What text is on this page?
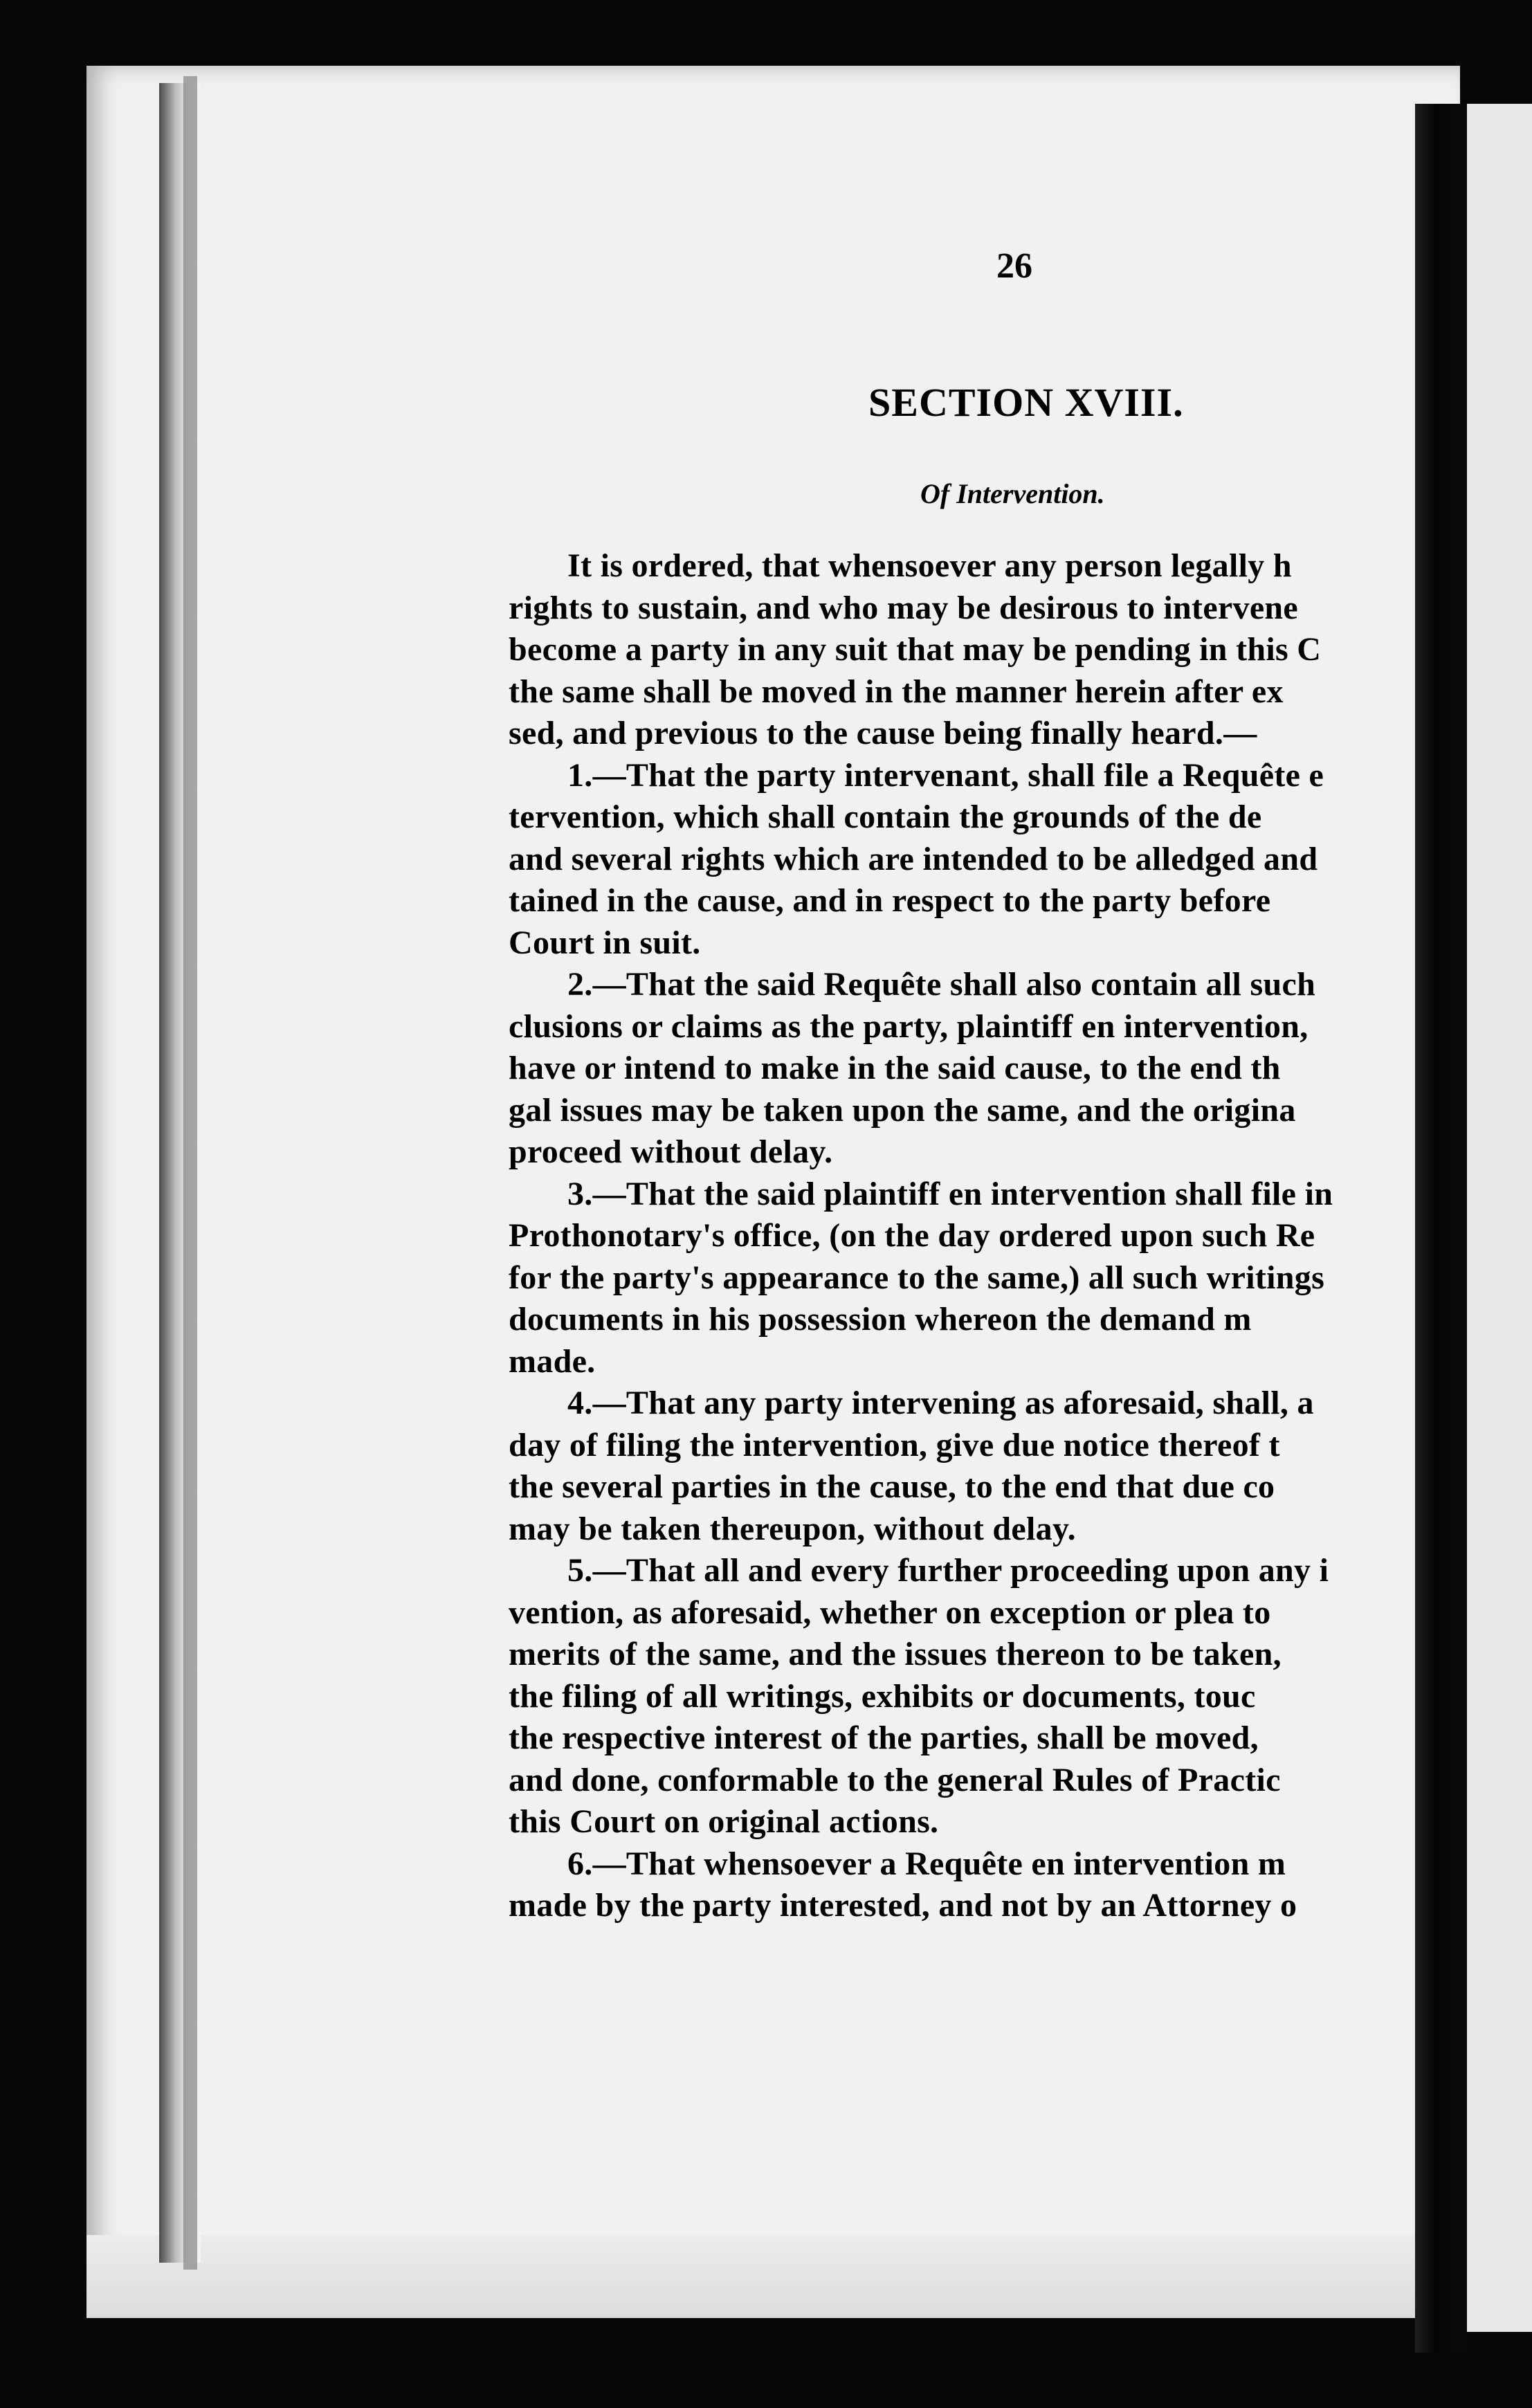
26
SECTION XVIII.
Of Intervention.
It is ordered, that whensoever any person legally h
rights to sustain, and who may be desirous to intervene
become a party in any suit that may be pending in this C
the same shall be moved in the manner herein after ex
sed, and previous to the cause being finally heard.—
1.—That the party intervenant, shall file a Requête e
tervention, which shall contain the grounds of the de
and several rights which are intended to be alledged and
tained in the cause, and in respect to the party before
Court in suit.
2.—That the said Requête shall also contain all such
clusions or claims as the party, plaintiff en intervention,
have or intend to make in the said cause, to the end th
gal issues may be taken upon the same, and the origina
proceed without delay.
3.—That the said plaintiff en intervention shall file in
Prothonotary's office, (on the day ordered upon such Re
for the party's appearance to the same,) all such writings
documents in his possession whereon the demand m
made.
4.—That any party intervening as aforesaid, shall, a
day of filing the intervention, give due notice thereof t
the several parties in the cause, to the end that due co
may be taken thereupon, without delay.
5.—That all and every further proceeding upon any i
vention, as aforesaid, whether on exception or plea to
merits of the same, and the issues thereon to be taken,
the filing of all writings, exhibits or documents, touc
the respective interest of the parties, shall be moved,
and done, conformable to the general Rules of Practic
this Court on original actions.
6.—That whensoever a Requête en intervention m
made by the party interested, and not by an Attorney o
